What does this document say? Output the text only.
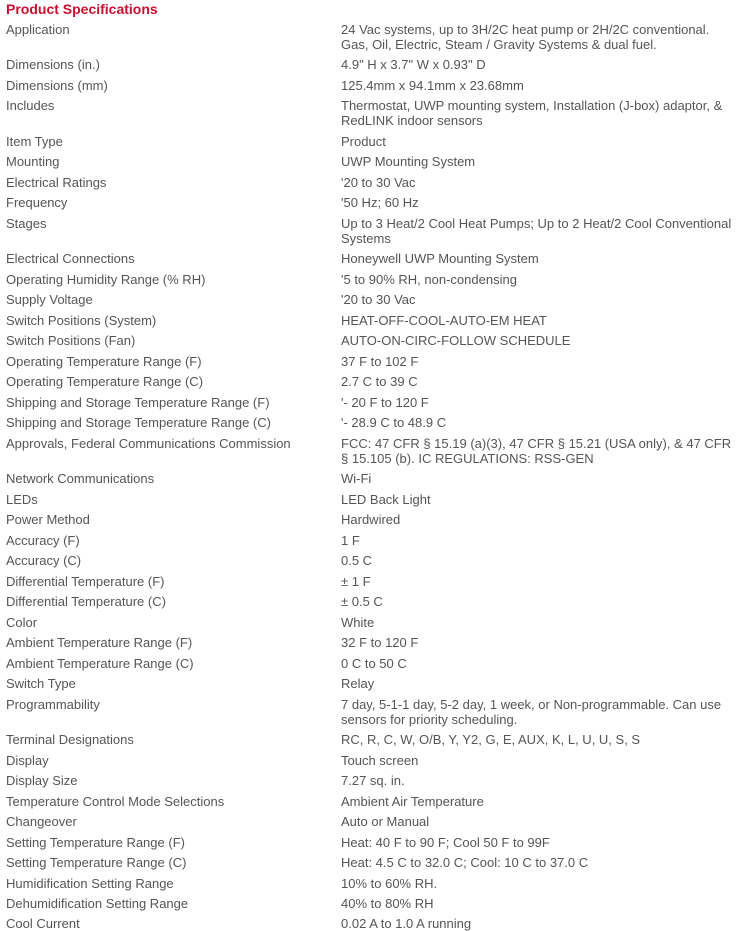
Product Specifications
Application	24 Vac systems, up to 3H/2C heat pump or 2H/2C conventional. Gas, Oil, Electric, Steam / Gravity Systems & dual fuel.
Dimensions (in.)	4.9" H x 3.7" W x 0.93" D
Dimensions (mm)	125.4mm x 94.1mm x 23.68mm
Includes	Thermostat, UWP mounting system, Installation (J-box) adaptor, & RedLINK indoor sensors
Item Type	Product
Mounting	UWP Mounting System
Electrical Ratings	'20 to 30 Vac
Frequency	'50 Hz; 60 Hz
Stages	Up to 3 Heat/2 Cool Heat Pumps; Up to 2 Heat/2 Cool Conventional Systems
Electrical Connections	Honeywell UWP Mounting System
Operating Humidity Range (% RH)	'5 to 90% RH, non-condensing
Supply Voltage	'20 to 30 Vac
Switch Positions (System)	HEAT-OFF-COOL-AUTO-EM HEAT
Switch Positions (Fan)	AUTO-ON-CIRC-FOLLOW SCHEDULE
Operating Temperature Range (F)	37 F to 102 F
Operating Temperature Range (C)	2.7 C to 39 C
Shipping and Storage Temperature Range (F)	'- 20 F to 120 F
Shipping and Storage Temperature Range (C)	'- 28.9 C to 48.9 C
Approvals, Federal Communications Commission	FCC: 47 CFR § 15.19 (a)(3), 47 CFR § 15.21 (USA only), & 47 CFR § 15.105 (b). IC REGULATIONS: RSS-GEN
Network Communications	Wi-Fi
LEDs	LED Back Light
Power Method	Hardwired
Accuracy (F)	1 F
Accuracy (C)	0.5 C
Differential Temperature (F)	± 1 F
Differential Temperature (C)	± 0.5 C
Color	White
Ambient Temperature Range (F)	32 F to 120 F
Ambient Temperature Range (C)	0 C to 50 C
Switch Type	Relay
Programmability	7 day, 5-1-1 day, 5-2 day, 1 week, or Non-programmable. Can use sensors for priority scheduling.
Terminal Designations	RC, R, C, W, O/B, Y, Y2, G, E, AUX, K, L, U, U, S, S
Display	Touch screen
Display Size	7.27 sq. in.
Temperature Control Mode Selections	Ambient Air Temperature
Changeover	Auto or Manual
Setting Temperature Range (F)	Heat: 40 F to 90 F; Cool 50 F to 99F
Setting Temperature Range (C)	Heat: 4.5 C to 32.0 C; Cool: 10 C to 37.0 C
Humidification Setting Range	10% to 60% RH.
Dehumidification Setting Range	40% to 80% RH
Cool Current	0.02 A to 1.0 A running
